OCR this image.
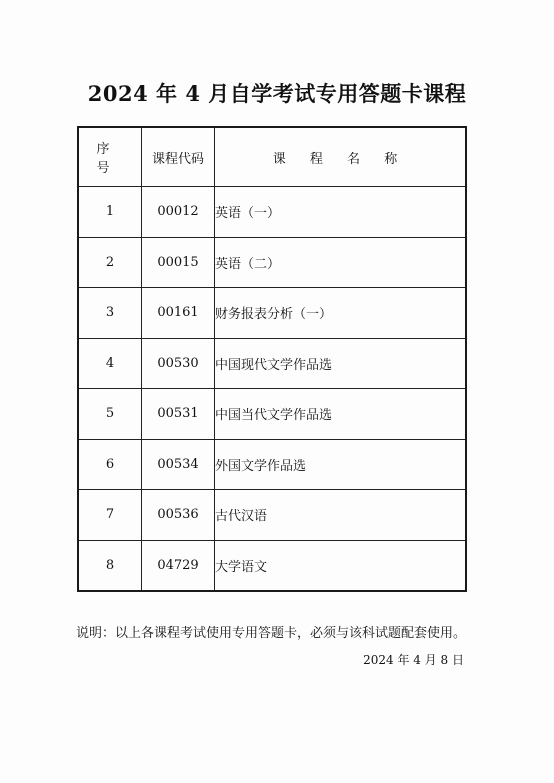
2024 年 4 月自学考试专用答题卡课程
序 号	课程代码	课 程 名 称
1	00012	英语（一）
2	00015	英语（二）
3	00161	财务报表分析（一）
4	00530	中国现代文学作品选
5	00531	中国当代文学作品选
6	00534	外国文学作品选
7	00536	古代汉语
8	04729	大学语文
说明：以上各课程考试使用专用答题卡，必须与该科试题配套使用。
2024 年 4 月 8 日
